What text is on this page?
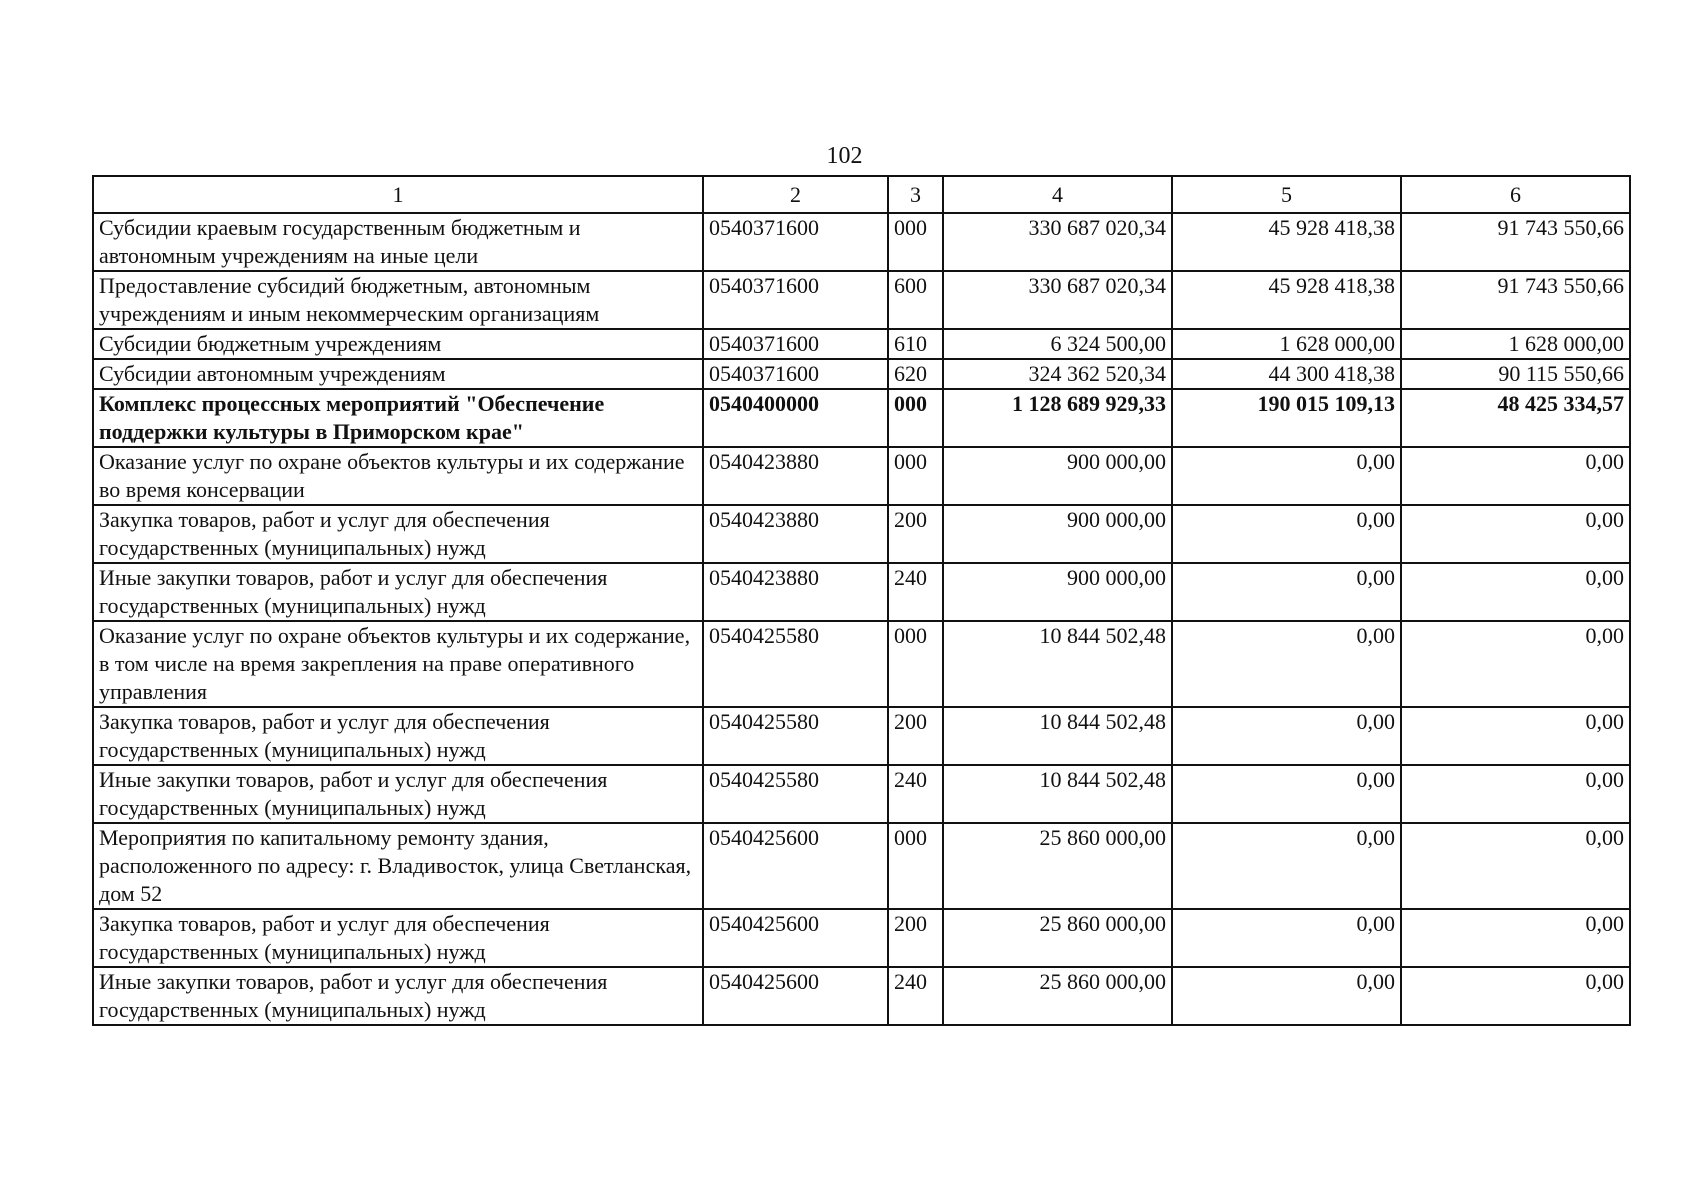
102
1	2	3	4	5	6
Субсидии краевым государственным бюджетным и автономным учреждениям на иные цели	0540371600	000	330 687 020,34	45 928 418,38	91 743 550,66
Предоставление субсидий бюджетным, автономным учреждениям и иным некоммерческим организациям	0540371600	600	330 687 020,34	45 928 418,38	91 743 550,66
Субсидии бюджетным учреждениям	0540371600	610	6 324 500,00	1 628 000,00	1 628 000,00
Субсидии автономным учреждениям	0540371600	620	324 362 520,34	44 300 418,38	90 115 550,66
Комплекс процессных мероприятий "Обеспечение поддержки культуры в Приморском крае"	0540400000	000	1 128 689 929,33	190 015 109,13	48 425 334,57
Оказание услуг по охране объектов культуры и их содержание во время консервации	0540423880	000	900 000,00	0,00	0,00
Закупка товаров, работ и услуг для обеспечения государственных (муниципальных) нужд	0540423880	200	900 000,00	0,00	0,00
Иные закупки товаров, работ и услуг для обеспечения государственных (муниципальных) нужд	0540423880	240	900 000,00	0,00	0,00
Оказание услуг по охране объектов культуры и их содержание, в том числе на время закрепления на праве оперативного управления	0540425580	000	10 844 502,48	0,00	0,00
Закупка товаров, работ и услуг для обеспечения государственных (муниципальных) нужд	0540425580	200	10 844 502,48	0,00	0,00
Иные закупки товаров, работ и услуг для обеспечения государственных (муниципальных) нужд	0540425580	240	10 844 502,48	0,00	0,00
Мероприятия по капитальному ремонту здания, расположенного по адресу: г. Владивосток, улица Светланская, дом 52	0540425600	000	25 860 000,00	0,00	0,00
Закупка товаров, работ и услуг для обеспечения государственных (муниципальных) нужд	0540425600	200	25 860 000,00	0,00	0,00
Иные закупки товаров, работ и услуг для обеспечения государственных (муниципальных) нужд	0540425600	240	25 860 000,00	0,00	0,00
